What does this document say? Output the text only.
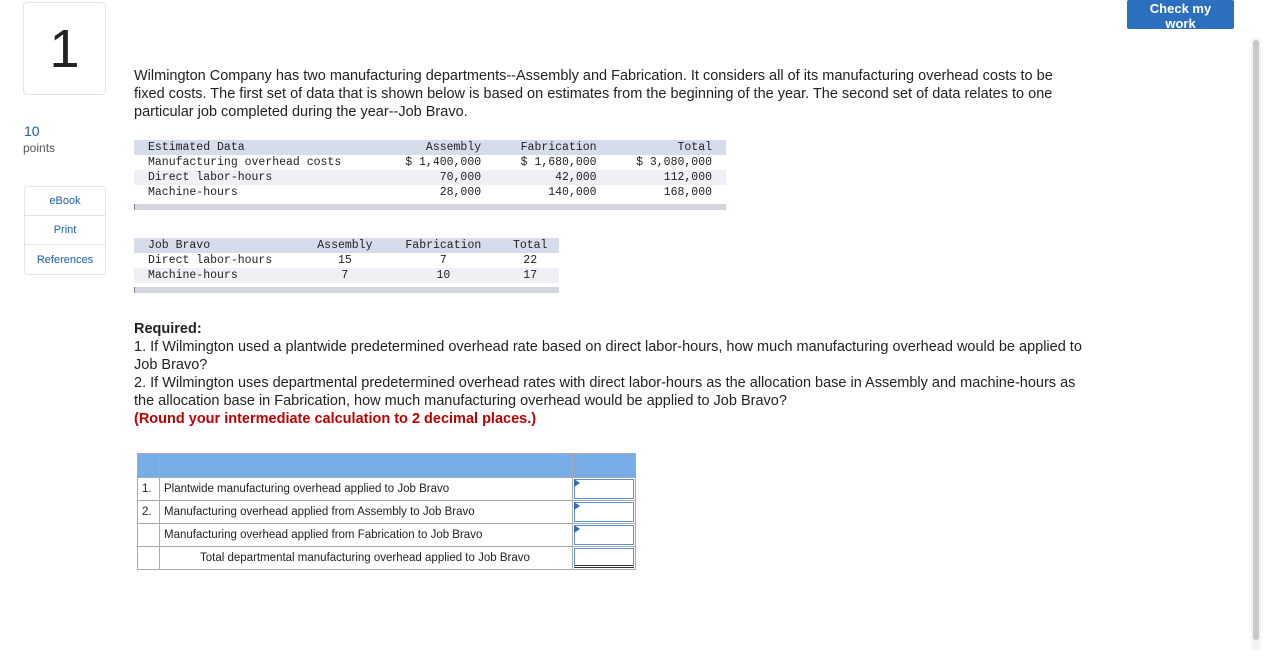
1
10
points
eBook
Print
References
Check my work
Wilmington Company has two manufacturing departments--Assembly and Fabrication. It considers all of its manufacturing overhead costs to be fixed costs. The first set of data that is shown below is based on estimates from the beginning of the year. The second set of data relates to one particular job completed during the year--Job Bravo.
Estimated Data	Assembly	Fabrication	Total
Manufacturing overhead costs	$ 1,400,000	$ 1,680,000	$ 3,080,000
Direct labor-hours	70,000	42,000	112,000
Machine-hours	28,000	140,000	168,000
Job Bravo	Assembly	Fabrication	Total
Direct labor-hours	15	7	22
Machine-hours	7	10	17
Required:
1. If Wilmington used a plantwide predetermined overhead rate based on direct labor-hours, how much manufacturing overhead would be applied to Job Bravo?
2. If Wilmington uses departmental predetermined overhead rates with direct labor-hours as the allocation base in Assembly and machine-hours as the allocation base in Fabrication, how much manufacturing overhead would be applied to Job Bravo?
(Round your intermediate calculation to 2 decimal places.)

1.	Plantwide manufacturing overhead applied to Job Bravo	

2.	Manufacturing overhead applied from Assembly to Job Bravo	

	Manufacturing overhead applied from Fabrication to Job Bravo	

	Total departmental manufacturing overhead applied to Job Bravo	
